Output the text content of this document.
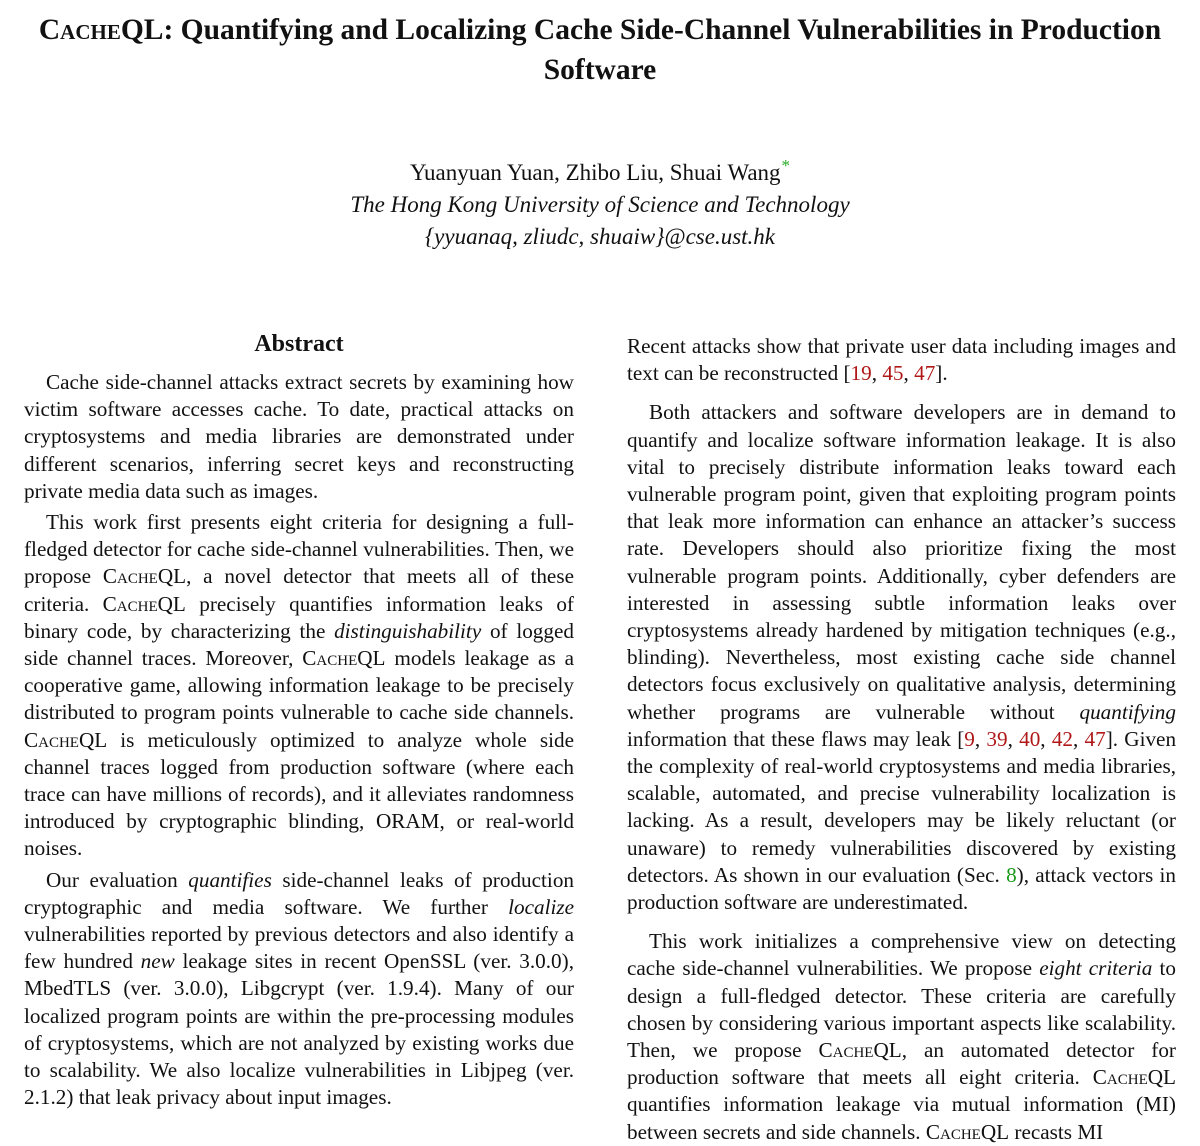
CacheQL: Quantifying and Localizing Cache Side-Channel Vulnerabilities in Production Software
Yuanyuan Yuan, Zhibo Liu, Shuai Wang*
The Hong Kong University of Science and Technology
{yyuanaq, zliudc, shuaiw}@cse.ust.hk
Abstract

Cache side-channel attacks extract secrets by examining how victim software accesses cache. To date, practical attacks on cryptosystems and media libraries are demonstrated under different scenarios, inferring secret keys and reconstructing private media data such as images.

This work first presents eight criteria for designing a full-fledged detector for cache side-channel vulnerabilities. Then, we propose CacheQL, a novel detector that meets all of these criteria. CacheQL precisely quantifies information leaks of binary code, by characterizing the distinguishability of logged side channel traces. Moreover, CacheQL models leakage as a cooperative game, allowing information leakage to be precisely distributed to program points vulnerable to cache side channels. CacheQL is meticulously optimized to analyze whole side channel traces logged from production software (where each trace can have millions of records), and it alleviates randomness introduced by cryptographic blinding, ORAM, or real-world noises.

Our evaluation quantifies side-channel leaks of production cryptographic and media software. We further localize vulnerabilities reported by previous detectors and also identify a few hundred new leakage sites in recent OpenSSL (ver. 3.0.0), MbedTLS (ver. 3.0.0), Libgcrypt (ver. 1.9.4). Many of our localized program points are within the pre-processing modules of cryptosystems, which are not analyzed by existing works due to scalability. We also localize vulnerabilities in Libjpeg (ver. 2.1.2) that leak privacy about input images.

Recent attacks show that private user data including images and text can be reconstructed [19, 45, 47].

Both attackers and software developers are in demand to quantify and localize software information leakage. It is also vital to precisely distribute information leaks toward each vulnerable program point, given that exploiting program points that leak more information can enhance an attacker’s success rate. Developers should also prioritize fixing the most vulnerable program points. Additionally, cyber defenders are interested in assessing subtle information leaks over cryptosystems already hardened by mitigation techniques (e.g., blinding). Nevertheless, most existing cache side channel detectors focus exclusively on qualitative analysis, determining whether programs are vulnerable without quantifying information that these flaws may leak [9, 39, 40, 42, 47]. Given the complexity of real-world cryptosystems and media libraries, scalable, automated, and precise vulnerability localization is lacking. As a result, developers may be likely reluctant (or unaware) to remedy vulnerabilities discovered by existing detectors. As shown in our evaluation (Sec. 8), attack vectors in production software are underestimated.

This work initializes a comprehensive view on detecting cache side-channel vulnerabilities. We propose eight criteria to design a full-fledged detector. These criteria are carefully chosen by considering various important aspects like scalability. Then, we propose CacheQL, an automated detector for production software that meets all eight criteria. CacheQL quantifies information leakage via mutual information (MI) between secrets and side channels. CacheQL recasts MI
